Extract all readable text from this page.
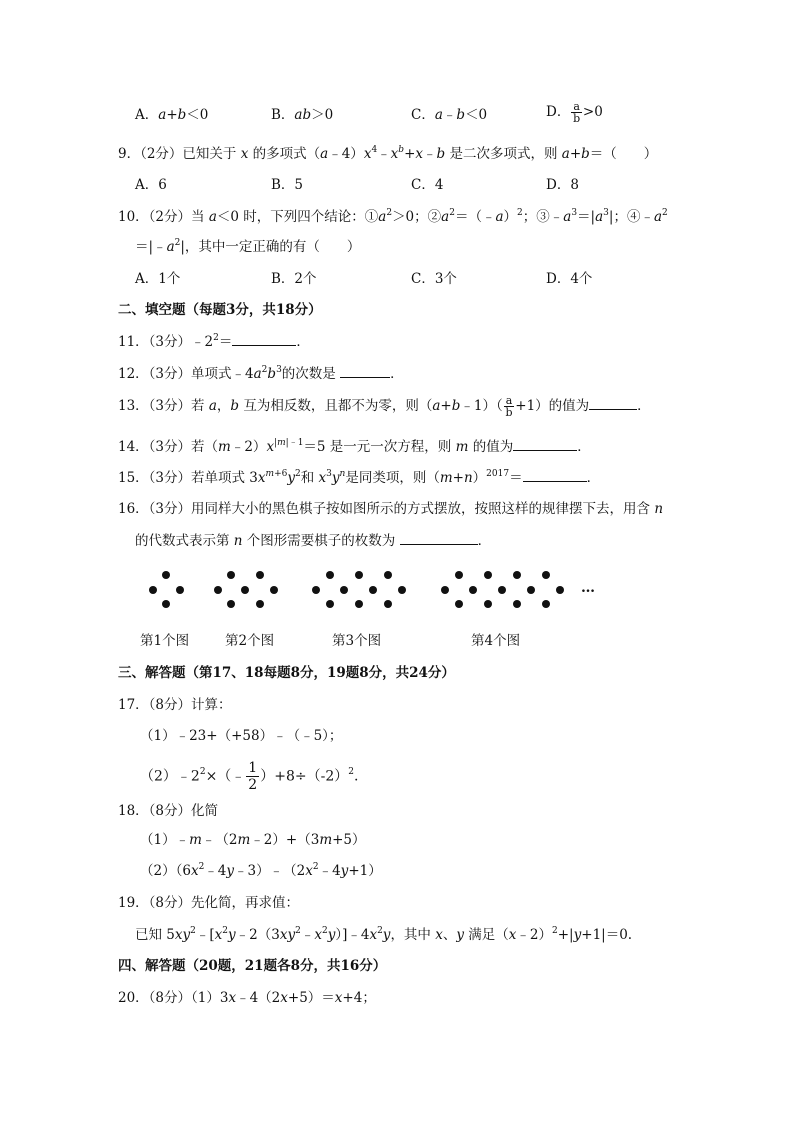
A．a+b＜0	B．ab＞0	C．a﹣b＜0	D． $\frac{a}{b} >0$
9．（2分）已知关于 x 的多项式$(a﹣4)x^4﹣x^b+x﹣b$ 是二次多项式，则 a+b＝（　　）
A．6	B．5	C．4	D．8
10．（2分）当 a＜0 时，下列四个结论：$①a^2>0$；$②a^2=(﹣a)^2$；$③﹣a^3=|a^3|$；$④﹣a^2$
$=|﹣a^2|$，其中一定正确的有（　　）
A．1个	B．2个	C．3个	D．4个
二、填空题（每题3分，共18分）
11．（3分）$﹣2^2=$	．
12．（3分）单项式$﹣4a^2b^3$的次数是	．
13．（3分）若 a，b 互为相反数，且都不为零，则（a+b﹣1）（ $\frac{a}{b} +1$）的值为	．
14．（3分）若$(m﹣2)x^{|m|﹣1}=5$ 是一元一次方程，则 m 的值为	．
15．（3分）若单项式 $3x^{m+6}y^2$和 $x^3y^n$是同类项，则$(m+n)^{2017}=$	．
16．（3分）用同样大小的黑色棋子按如图所示的方式摆放，按照这样的规律摆下去，用含 n
的代数式表示第 n 个图形需要棋子的枚数为	．
…
第1个图	第2个图	第3个图	第4个图
三、解答题（第17、18每题8分，19题8分，共24分）
17．（8分）计算：
（1）﹣23+（+58）﹣（﹣5）；
$(2)﹣2^2\times(﹣ \frac{1}{2} )+8\div(-2)^2$.
18．（8分）化简
（1）﹣m﹣（2m﹣2）+（3m+5）
$(2)(6x^2﹣4y﹣3)﹣(2x^2﹣4y+1)$
19．（8分）先化简，再求值：
已知 $5xy^2﹣[x^2y﹣2(3xy^2﹣x^2y)]﹣4x^2y$，其中 x、y 满足（x﹣2）$^2$+|y+1|＝0.
四、解答题（20题，21题各8分，共16分）
20．（8分）（1）3x﹣4（2x+5）＝x+4；
